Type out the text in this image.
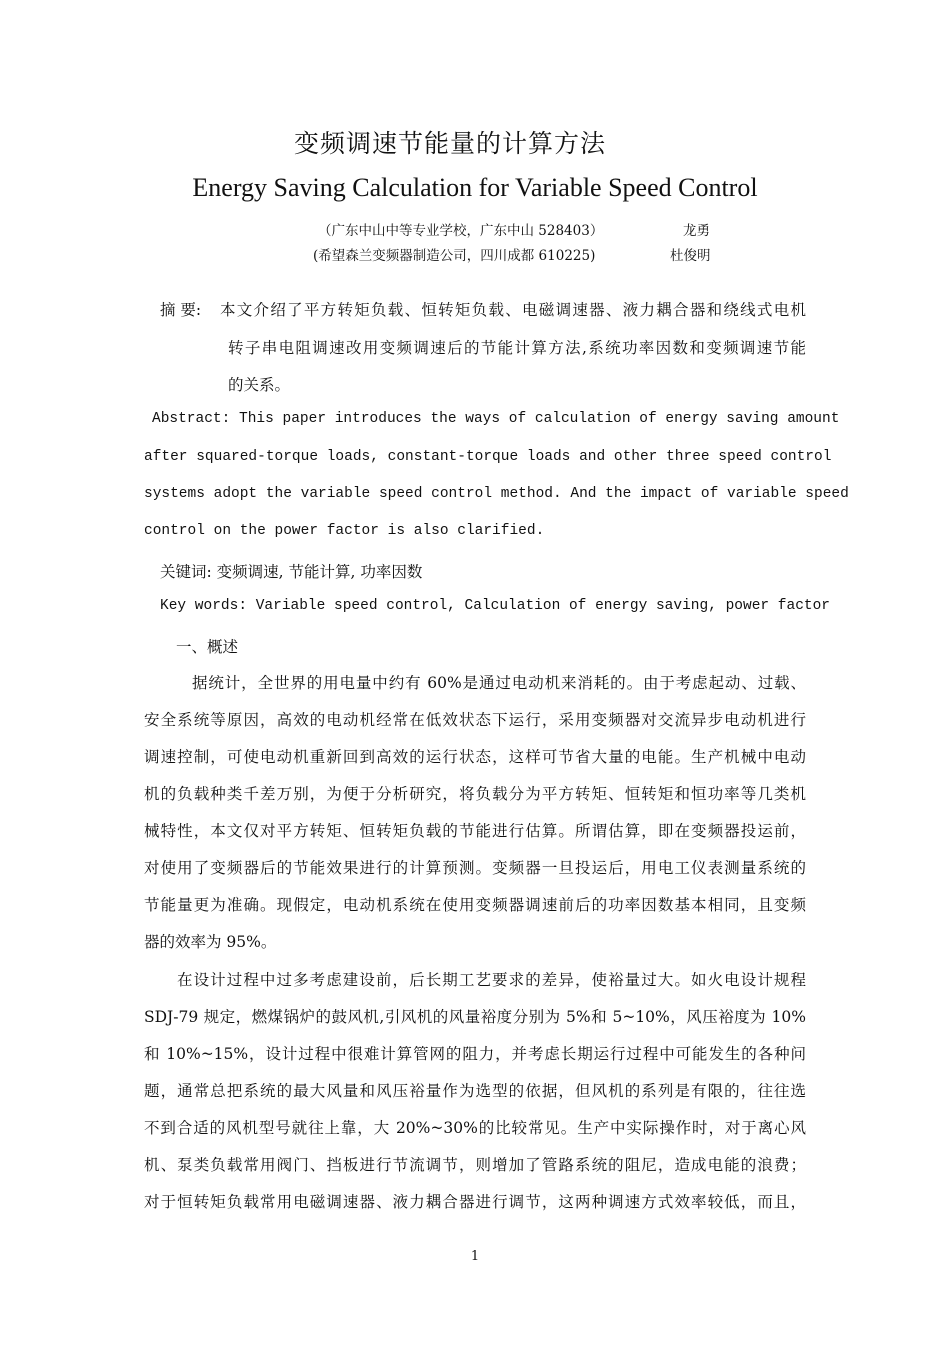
变频调速节能量的计算方法
Energy Saving Calculation for Variable Speed Control
（广东中山中等专业学校，广东中山 528403）	龙勇
(希望森兰变频器制造公司，四川成都 610225)	杜俊明
摘 要: 本文介绍了平方转矩负载、恒转矩负载、电磁调速器、液力耦合器和绕线式电机
转子串电阻调速改用变频调速后的节能计算方法,系统功率因数和变频调速节能
的关系。
Abstract: This paper introduces the ways of calculation of energy saving amount
after squared-torque loads, constant-torque loads and other three speed control
systems adopt the variable speed control method. And the impact of variable speed
control on the power factor is also clarified.
关键词: 变频调速, 节能计算, 功率因数
Key words: Variable speed control, Calculation of energy saving, power factor
一、概述
据统计，全世界的用电量中约有 60%是通过电动机来消耗的。由于考虑起动、过载、
安全系统等原因，高效的电动机经常在低效状态下运行，采用变频器对交流异步电动机进行
调速控制，可使电动机重新回到高效的运行状态，这样可节省大量的电能。生产机械中电动
机的负载种类千差万别，为便于分析研究，将负载分为平方转矩、恒转矩和恒功率等几类机
械特性，本文仅对平方转矩、恒转矩负载的节能进行估算。所谓估算，即在变频器投运前，
对使用了变频器后的节能效果进行的计算预测。变频器一旦投运后，用电工仪表测量系统的
节能量更为准确。现假定，电动机系统在使用变频器调速前后的功率因数基本相同，且变频
器的效率为 95%。
在设计过程中过多考虑建设前，后长期工艺要求的差异，使裕量过大。如火电设计规程
SDJ-79 规定，燃煤锅炉的鼓风机,引风机的风量裕度分别为 5%和 5~10%，风压裕度为 10%
和 10%~15%，设计过程中很难计算管网的阻力，并考虑长期运行过程中可能发生的各种问
题，通常总把系统的最大风量和风压裕量作为选型的依据，但风机的系列是有限的，往往选
不到合适的风机型号就往上靠，大 20%~30%的比较常见。生产中实际操作时，对于离心风
机、泵类负载常用阀门、挡板进行节流调节，则增加了管路系统的阻尼，造成电能的浪费；
对于恒转矩负载常用电磁调速器、液力耦合器进行调节，这两种调速方式效率较低，而且，
1
